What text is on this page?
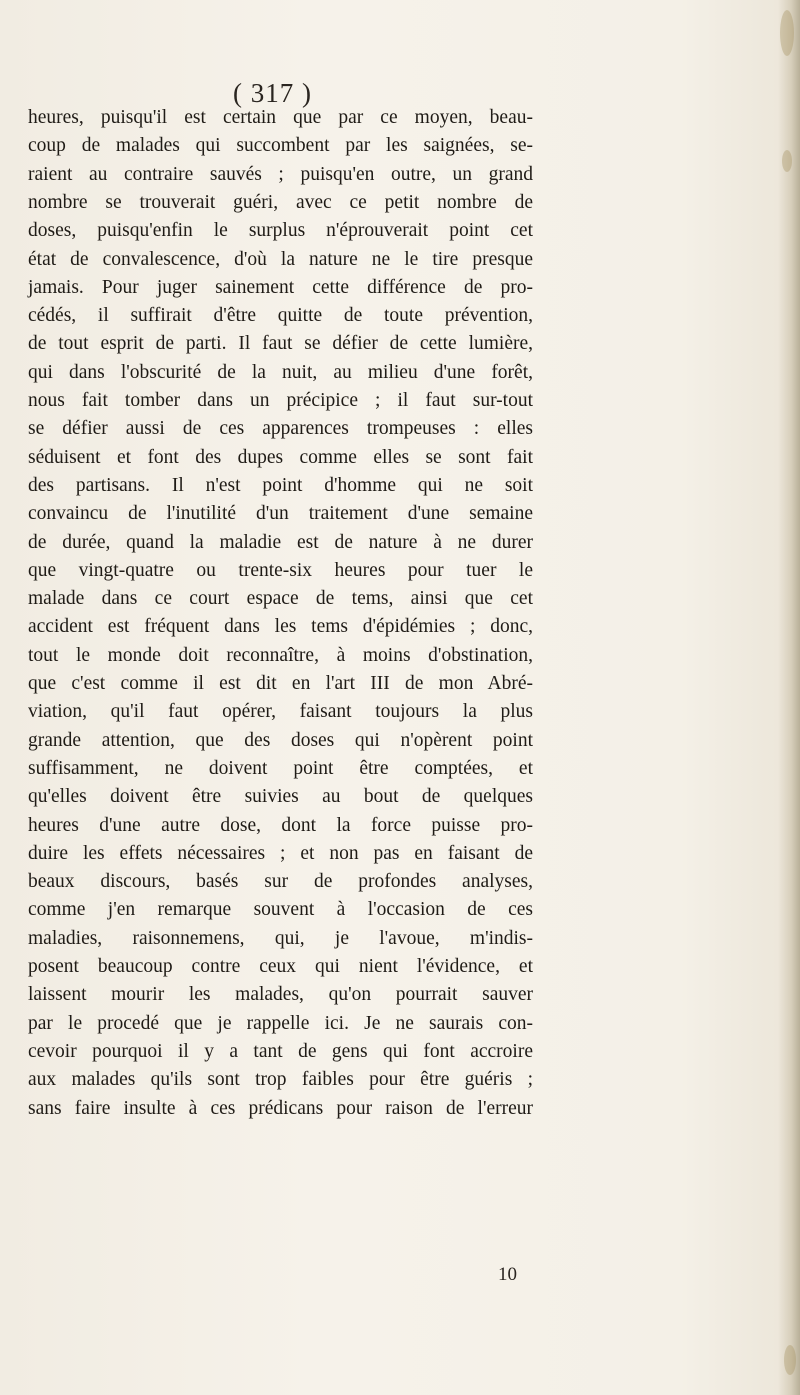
( 317 )
heures, puisqu'il est certain que par ce moyen, beau-
coup de malades qui succombent par les saignées, se-
raient au contraire sauvés ; puisqu'en outre, un grand
nombre se trouverait guéri, avec ce petit nombre de
doses, puisqu'enfin le surplus n'éprouverait point cet
état de convalescence, d'où la nature ne le tire presque
jamais. Pour juger sainement cette différence de pro-
cédés, il suffirait d'être quitte de toute prévention,
de tout esprit de parti. Il faut se défier de cette lumière,
qui dans l'obscurité de la nuit, au milieu d'une forêt,
nous fait tomber dans un précipice ; il faut sur-tout
se défier aussi de ces apparences trompeuses : elles
séduisent et font des dupes comme elles se sont fait
des partisans. Il n'est point d'homme qui ne soit
convaincu de l'inutilité d'un traitement d'une semaine
de durée, quand la maladie est de nature à ne durer
que vingt-quatre ou trente-six heures pour tuer le
malade dans ce court espace de tems, ainsi que cet
accident est fréquent dans les tems d'épidémies ; donc,
tout le monde doit reconnaître, à moins d'obstination,
que c'est comme il est dit en l'art III de mon Abré-
viation, qu'il faut opérer, faisant toujours la plus
grande attention, que des doses qui n'opèrent point
suffisamment, ne doivent point être comptées, et
qu'elles doivent être suivies au bout de quelques
heures d'une autre dose, dont la force puisse pro-
duire les effets nécessaires ; et non pas en faisant de
beaux discours, basés sur de profondes analyses,
comme j'en remarque souvent à l'occasion de ces
maladies, raisonnemens, qui, je l'avoue, m'indis-
posent beaucoup contre ceux qui nient l'évidence, et
laissent mourir les malades, qu'on pourrait sauver
par le procedé que je rappelle ici. Je ne saurais con-
cevoir pourquoi il y a tant de gens qui font accroire
aux malades qu'ils sont trop faibles pour être guéris ;
sans faire insulte à ces prédicans pour raison de l'erreur
10
